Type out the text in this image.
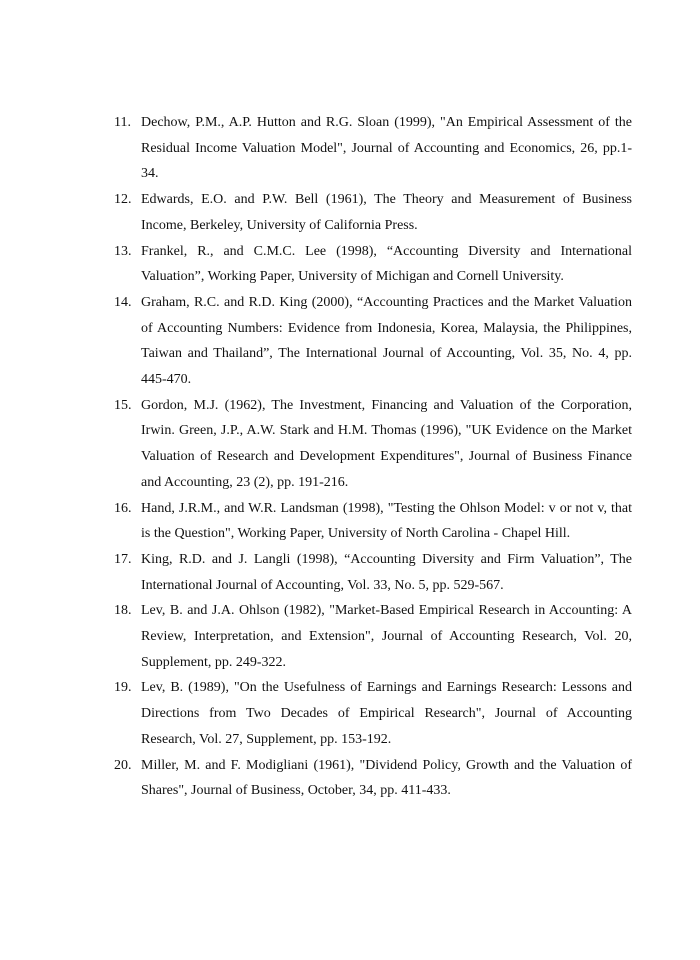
11. Dechow, P.M., A.P. Hutton and R.G. Sloan (1999), "An Empirical Assessment of the Residual Income Valuation Model", Journal of Accounting and Economics, 26, pp.1-34.
12. Edwards, E.O. and P.W. Bell (1961), The Theory and Measurement of Business Income, Berkeley, University of California Press.
13. Frankel, R., and C.M.C. Lee (1998), “Accounting Diversity and International Valuation”, Working Paper, University of Michigan and Cornell University.
14. Graham, R.C. and R.D. King (2000), “Accounting Practices and the Market Valuation of Accounting Numbers: Evidence from Indonesia, Korea, Malaysia, the Philippines, Taiwan and Thailand”, The International Journal of Accounting, Vol. 35, No. 4, pp. 445-470.
15. Gordon, M.J. (1962), The Investment, Financing and Valuation of the Corporation, Irwin. Green, J.P., A.W. Stark and H.M. Thomas (1996), "UK Evidence on the Market Valuation of Research and Development Expenditures", Journal of Business Finance and Accounting, 23 (2), pp. 191-216.
16. Hand, J.R.M., and W.R. Landsman (1998), "Testing the Ohlson Model: v or not v, that is the Question", Working Paper, University of North Carolina - Chapel Hill.
17. King, R.D. and J. Langli (1998), “Accounting Diversity and Firm Valuation”, The International Journal of Accounting, Vol. 33, No. 5, pp. 529-567.
18. Lev, B. and J.A. Ohlson (1982), "Market-Based Empirical Research in Accounting: A Review, Interpretation, and Extension", Journal of Accounting Research, Vol. 20, Supplement, pp. 249-322.
19. Lev, B. (1989), "On the Usefulness of Earnings and Earnings Research: Lessons and Directions from Two Decades of Empirical Research", Journal of Accounting Research, Vol. 27, Supplement, pp. 153-192.
20. Miller, M. and F. Modigliani (1961), "Dividend Policy, Growth and the Valuation of Shares", Journal of Business, October, 34, pp. 411-433.
